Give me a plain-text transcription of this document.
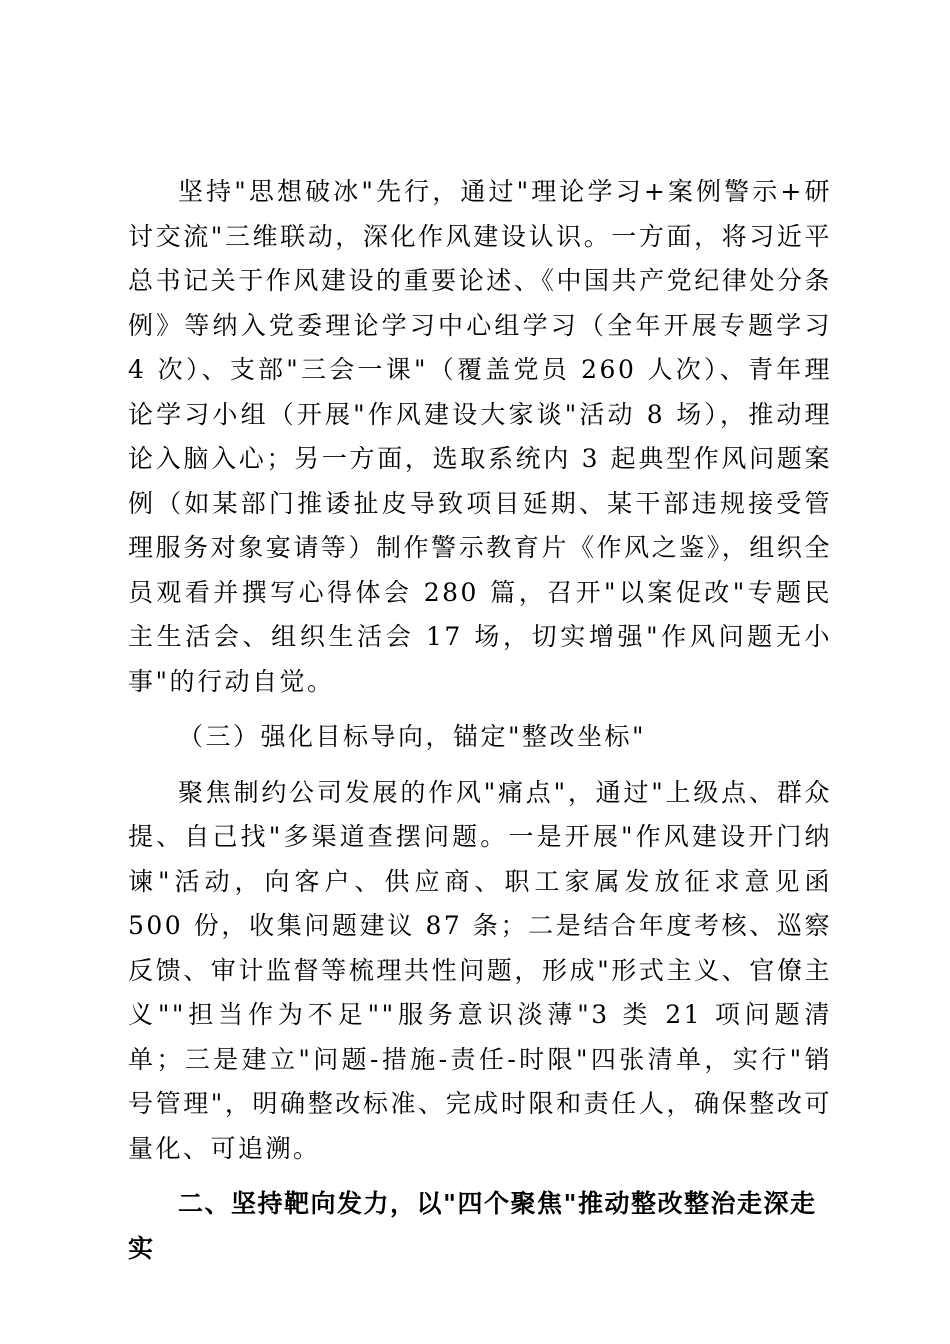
坚持"思想破冰"先行，通过"理论学习+案例警示+研讨交流"三维联动，深化作风建设认识。一方面，将习近平总书记关于作风建设的重要论述、《中国共产党纪律处分条例》等纳入党委理论学习中心组学习（全年开展专题学习 4 次）、支部"三会一课"（覆盖党员 260 人次）、青年理论学习小组（开展"作风建设大家谈"活动 8 场），推动理论入脑入心；另一方面，选取系统内 3 起典型作风问题案例（如某部门推诿扯皮导致项目延期、某干部违规接受管理服务对象宴请等）制作警示教育片《作风之鉴》，组织全员观看并撰写心得体会 280 篇，召开"以案促改"专题民主生活会、组织生活会 17 场，切实增强"作风问题无小事"的行动自觉。

（三）强化目标导向，锚定"整改坐标"

聚焦制约公司发展的作风"痛点"，通过"上级点、群众提、自己找"多渠道查摆问题。一是开展"作风建设开门纳谏"活动，向客户、供应商、职工家属发放征求意见函 500 份，收集问题建议 87 条；二是结合年度考核、巡察反馈、审计监督等梳理共性问题，形成"形式主义、官僚主义""担当作为不足""服务意识淡薄"3 类 21 项问题清单；三是建立"问题-措施-责任-时限"四张清单，实行"销号管理"，明确整改标准、完成时限和责任人，确保整改可量化、可追溯。

二、坚持靶向发力，以"四个聚焦"推动整改整治走深走实
